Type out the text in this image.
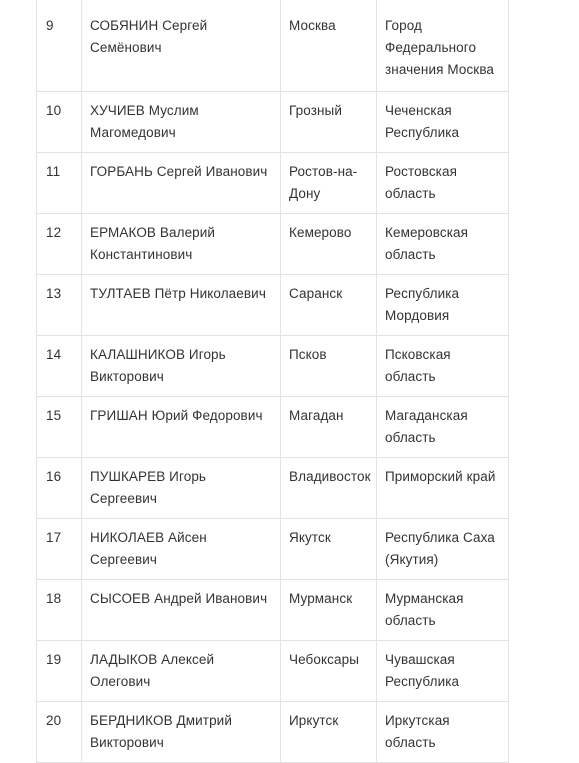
9	СОБЯНИН Сергей Семёнович	Москва	Город Федерального значения Москва
10	ХУЧИЕВ Муслим Магомедович	Грозный	Чеченская Республика
11	ГОРБАНЬ Сергей Иванович	Ростов-на-Дону	Ростовская область
12	ЕРМАКОВ Валерий Константинович	Кемерово	Кемеровская область
13	ТУЛТАЕВ Пётр Николаевич	Саранск	Республика Мордовия
14	КАЛАШНИКОВ Игорь Викторович	Псков	Псковская область
15	ГРИШАН Юрий Федорович	Магадан	Магаданская область
16	ПУШКАРЕВ Игорь Сергеевич	Владивосток	Приморский край
17	НИКОЛАЕВ Айсен Сергеевич	Якутск	Республика Саха (Якутия)
18	СЫСОЕВ Андрей Иванович	Мурманск	Мурманская область
19	ЛАДЫКОВ Алексей Олегович	Чебоксары	Чувашская Республика
20	БЕРДНИКОВ Дмитрий Викторович	Иркутск	Иркутская область
